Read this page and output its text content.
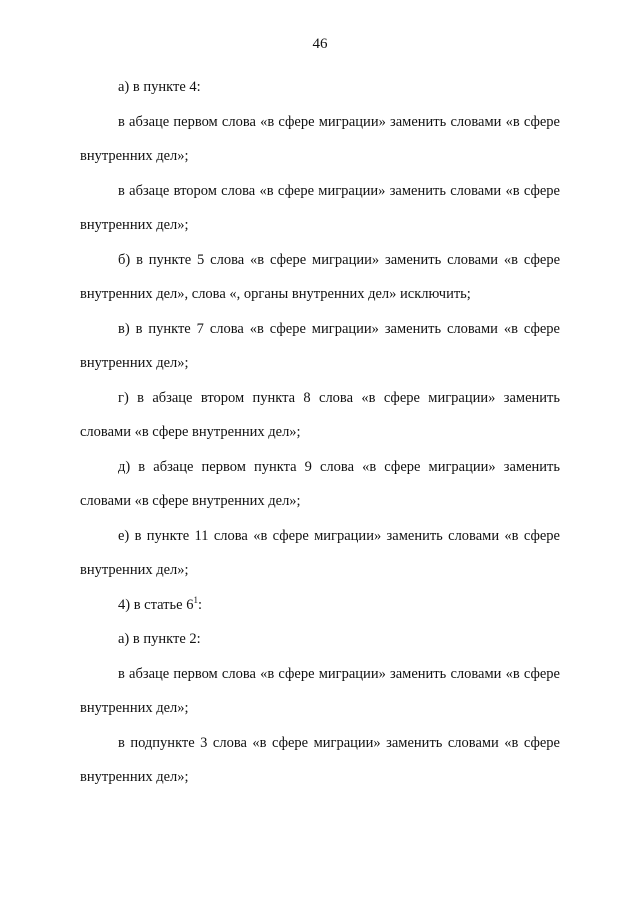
46

а) в пункте 4:

в абзаце первом слова «в сфере миграции» заменить словами «в сфере внутренних дел»;

в абзаце втором слова «в сфере миграции» заменить словами «в сфере внутренних дел»;

б) в пункте 5 слова «в сфере миграции» заменить словами «в сфере внутренних дел», слова «, органы внутренних дел» исключить;

в) в пункте 7 слова «в сфере миграции» заменить словами «в сфере внутренних дел»;

г) в абзаце втором пункта 8 слова «в сфере миграции» заменить словами «в сфере внутренних дел»;

д) в абзаце первом пункта 9 слова «в сфере миграции» заменить словами «в сфере внутренних дел»;

е) в пункте 11 слова «в сфере миграции» заменить словами «в сфере внутренних дел»;

4) в статье $6^1$:

а) в пункте 2:

в абзаце первом слова «в сфере миграции» заменить словами «в сфере внутренних дел»;

в подпункте 3 слова «в сфере миграции» заменить словами «в сфере внутренних дел»;
